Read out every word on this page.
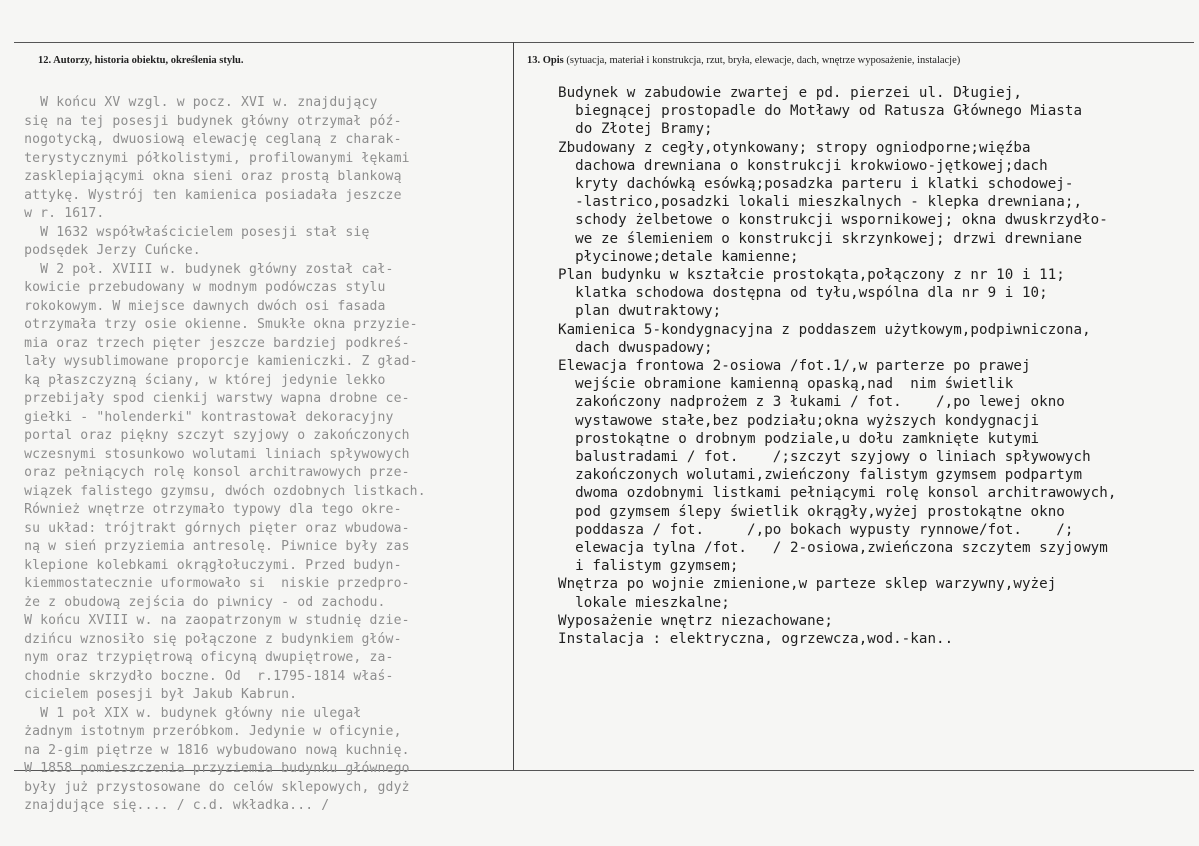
12. Autorzy, historia obiektu, określenia stylu.	13. Opis (sytuacja, materiał i konstrukcja, rzut, bryła, elewacje, dach, wnętrze wyposażenie, instalacje)
W końcu XV wzgl. w pocz. XVI w. znajdujący
się na tej posesji budynek główny otrzymał póź-
nogotycką, dwuosiową elewację ceglaną z charak-
terystycznymi półkolistymi, profilowanymi łękami
zasklepiającymi okna sieni oraz prostą blankową
attykę. Wystrój ten kamienica posiadała jeszcze
w r. 1617.
W 1632 współwłaścicielem posesji stał się
podsędek Jerzy Cuńcke.
W 2 poł. XVIII w. budynek główny został cał-
kowicie przebudowany w modnym podówczas stylu
rokokowym. W miejsce dawnych dwóch osi fasada
otrzymała trzy osie okienne. Smukłe okna przyzie-
mia oraz trzech pięter jeszcze bardziej podkreś-
lały wysublimowane proporcje kamieniczki. Z gład-
ką płaszczyzną ściany, w której jedynie lekko
przebijały spod cienkij warstwy wapna drobne ce-
giełki - "holenderki" kontrastował dekoracyjny
portal oraz piękny szczyt szyjowy o zakończonych
wczesnymi stosunkowo wolutami liniach spływowych
oraz pełniących rolę konsol architrawowych prze-
wiązek falistego gzymsu, dwóch ozdobnych listkach.
Również wnętrze otrzymało typowy dla tego okre-
su układ: trójtrakt górnych pięter oraz wbudowa-
ną w sień przyziemia antresolę. Piwnice były zas
klepione kolebkami okrągłołuczymi. Przed budyn-
kiemmostatecznie uformowało si  niskie przedpro-
że z obudową zejścia do piwnicy - od zachodu.
W końcu XVIII w. na zaopatrzonym w studnię dzie-
dzińcu wznosiło się połączone z budynkiem głów-
nym oraz trzypiętrową oficyną dwupiętrowe, za-
chodnie skrzydło boczne. Od  r.1795-1814 właś-
cicielem posesji był Jakub Kabrun.
W 1 poł XIX w. budynek główny nie ulegał
żadnym istotnym przeróbkom. Jedynie w oficynie,
na 2-gim piętrze w 1816 wybudowano nową kuchnię.
W 1858 pomieszczenia przyziemia budynku głównego
były już przystosowane do celów sklepowych, gdyż
znajdujące się.... / c.d. wkładka... /
Budynek w zabudowie zwartej e pd. pierzei ul. Długiej,
biegnącej prostopadle do Motławy od Ratusza Głównego Miasta
do Złotej Bramy;
Zbudowany z cegły,otynkowany; stropy ogniodporne;więźba
dachowa drewniana o konstrukcji krokwiowo-jętkowej;dach
kryty dachówką esówką;posadzka parteru i klatki schodowej-
-lastrico,posadzki lokali mieszkalnych - klepka drewniana;,
schody żelbetowe o konstrukcji wspornikowej; okna dwuskrzydło-
we ze ślemieniem o konstrukcji skrzynkowej; drzwi drewniane
płycinowe;detale kamienne;
Plan budynku w kształcie prostokąta,połączony z nr 10 i 11;
klatka schodowa dostępna od tyłu,wspólna dla nr 9 i 10;
plan dwutraktowy;
Kamienica 5-kondygnacyjna z poddaszem użytkowym,podpiwniczona,
dach dwuspadowy;
Elewacja frontowa 2-osiowa /fot.1/,w parterze po prawej
wejście obramione kamienną opaską,nad  nim świetlik
zakończony nadprożem z 3 łukami / fot.    /,po lewej okno
wystawowe stałe,bez podziału;okna wyższych kondygnacji
prostokątne o drobnym podziale,u dołu zamknięte kutymi
balustradami / fot.    /;szczyt szyjowy o liniach spływowych
zakończonych wolutami,zwieńczony falistym gzymsem podpartym
dwoma ozdobnymi listkami pełniącymi rolę konsol architrawowych,
pod gzymsem ślepy świetlik okrągły,wyżej prostokątne okno
poddasza / fot.     /,po bokach wypusty rynnowe/fot.    /;
elewacja tylna /fot.   / 2-osiowa,zwieńczona szczytem szyjowym
i falistym gzymsem;
Wnętrza po wojnie zmienione,w parteze sklep warzywny,wyżej
lokale mieszkalne;
Wyposażenie wnętrz niezachowane;
Instalacja : elektryczna, ogrzewcza,wod.-kan..
